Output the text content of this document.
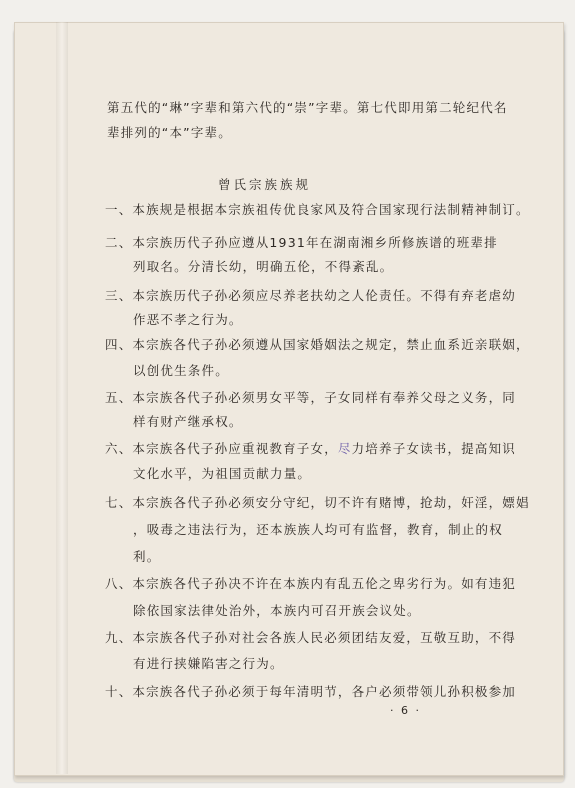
第五代的“琳”字辈和第六代的“崇”字辈。第七代即用第二轮纪代名
辈排列的“本”字辈。
曾氏宗族族规
一、本族规是根据本宗族祖传优良家风及符合国家现行法制精神制订。
二、本宗族历代子孙应遵从1931年在湖南湘乡所修族谱的班辈排
列取名。分清长幼，明确五伦，不得紊乱。
三、本宗族历代子孙必须应尽养老扶幼之人伦责任。不得有弃老虐幼
作恶不孝之行为。
四、本宗族各代子孙必须遵从国家婚姻法之规定，禁止血系近亲联姻，
以创优生条件。
五、本宗族各代子孙必须男女平等，子女同样有奉养父母之义务，同
样有财产继承权。
六、本宗族各代子孙应重视教育子女，尽力培养子女读书，提高知识
文化水平，为祖国贡献力量。
七、本宗族各代子孙必须安分守纪，切不许有赌博，抢劫，奸淫，嫖娼
，吸毒之违法行为，还本族族人均可有监督，教育，制止的权
利。
八、本宗族各代子孙决不许在本族内有乱五伦之卑劣行为。如有违犯
除依国家法律处治外，本族内可召开族会议处。
九、本宗族各代子孙对社会各族人民必须团结友爱，互敬互助，不得
有进行挟嫌陷害之行为。
十、本宗族各代子孙必须于每年清明节，各户必须带领儿孙积极参加
· 6 ·
